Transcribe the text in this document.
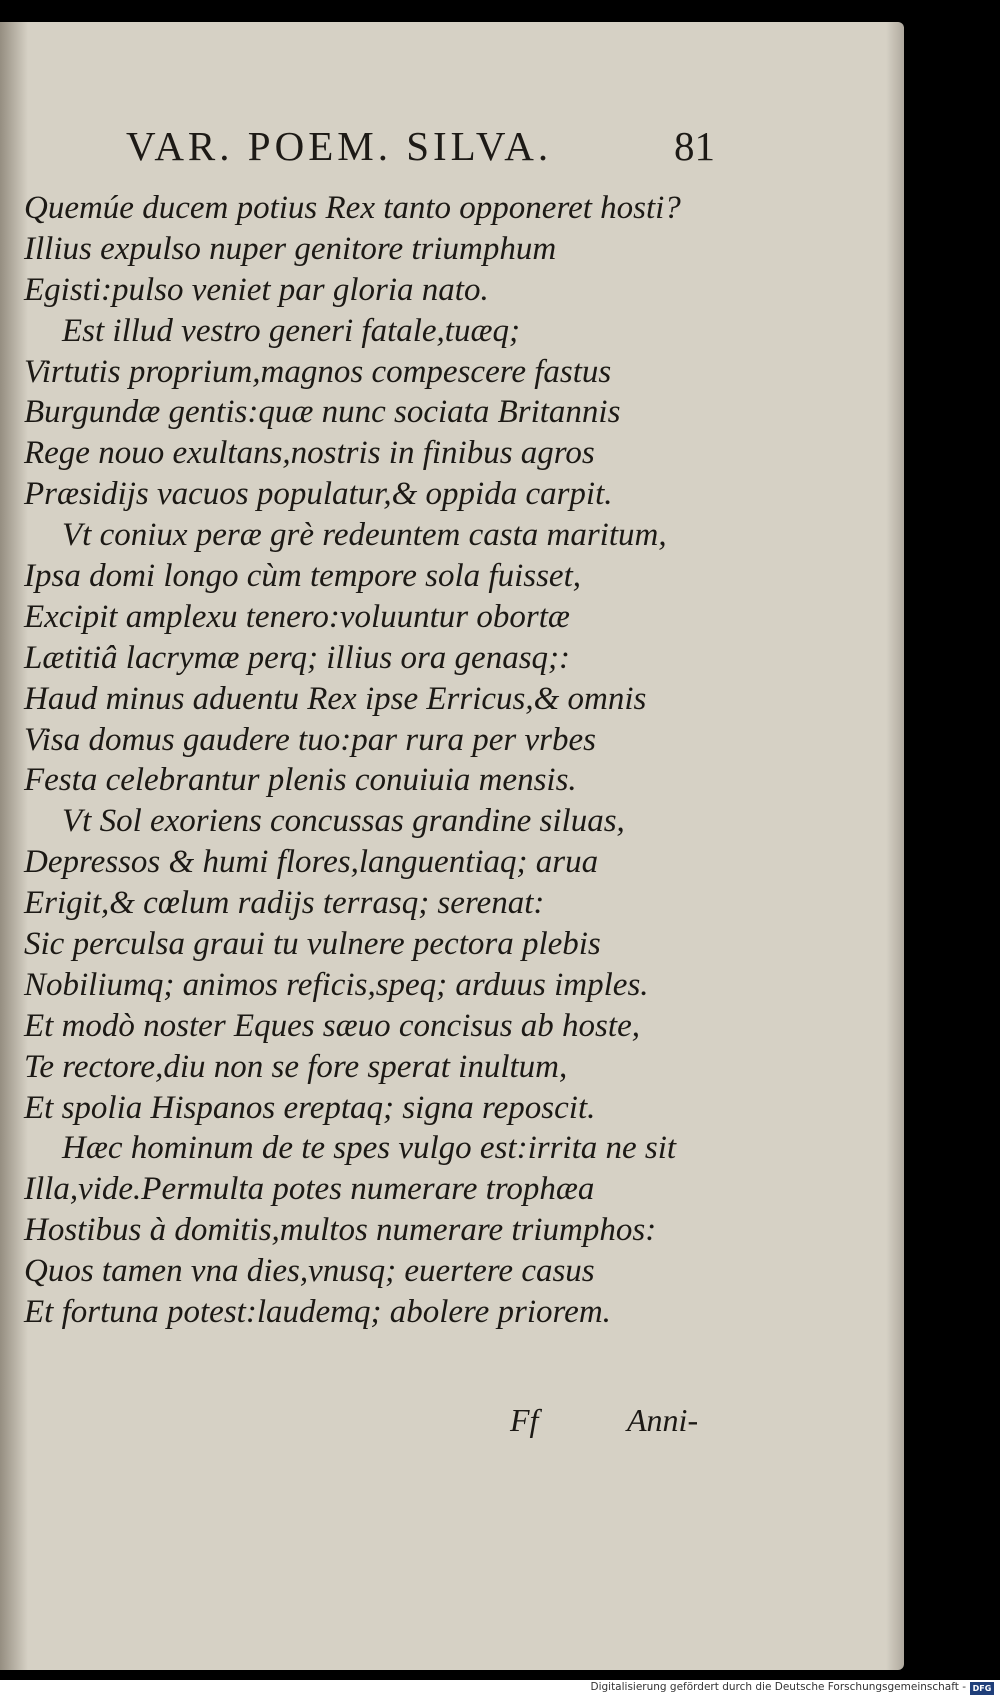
VAR. POEM. SILVA.	81
Quemúe ducem potius Rex tanto opponeret hosti?
Illius expulso nuper genitore triumphum
Egisti:pulso veniet par gloria nato.
Est illud vestro generi fatale,tuæq;
Virtutis proprium,magnos compescere fastus
Burgundæ gentis:quæ nunc sociata Britannis
Rege nouo exultans,nostris in finibus agros
Præsidijs vacuos populatur,& oppida carpit.
Vt coniux peræ grè redeuntem casta maritum,
Ipsa domi longo cùm tempore sola fuisset,
Excipit amplexu tenero:voluuntur obortæ
Lætitiâ lacrymæ perq; illius ora genasq;:
Haud minus aduentu Rex ipse Erricus,& omnis
Visa domus gaudere tuo:par rura per vrbes
Festa celebrantur plenis conuiuia mensis.
Vt Sol exoriens concussas grandine siluas,
Depressos & humi flores,languentiaq; arua
Erigit,& cœlum radijs terrasq; serenat:
Sic perculsa graui tu vulnere pectora plebis
Nobiliumq; animos reficis,speq; arduus imples.
Et modò noster Eques sæuo concisus ab hoste,
Te rectore,diu non se fore sperat inultum,
Et spolia Hispanos ereptaq; signa reposcit.
Hæc hominum de te spes vulgo est:irrita ne sit
Illa,vide.Permulta potes numerare trophæa
Hostibus à domitis,multos numerare triumphos:
Quos tamen vna dies,vnusq; euertere casus
Et fortuna potest:laudemq; abolere priorem.
Ff	Anni-
Digitalisierung gefördert durch die Deutsche Forschungsgemeinschaft - DFG
